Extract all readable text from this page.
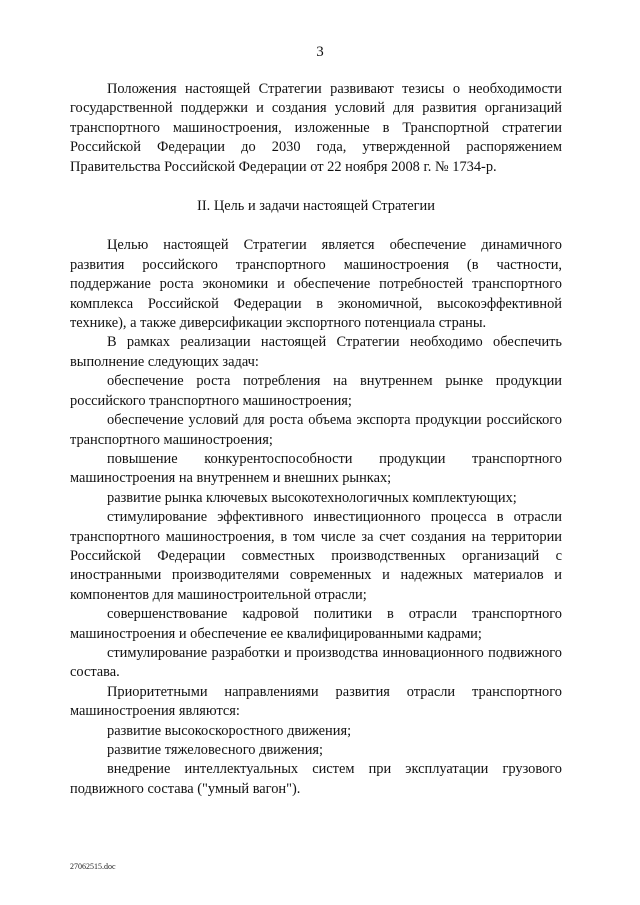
3

Положения настоящей Стратегии развивают тезисы о необходимости государственной поддержки и создания условий для развития организаций транспортного машиностроения, изложенные в Транспортной стратегии Российской Федерации до 2030 года, утвержденной распоряжением Правительства Российской Федерации от 22 ноября 2008 г. № 1734-р.

II. Цель и задачи настоящей Стратегии

Целью настоящей Стратегии является обеспечение динамичного развития российского транспортного машиностроения (в частности, поддержание роста экономики и обеспечение потребностей транспортного комплекса Российской Федерации в экономичной, высокоэффективной технике), а также диверсификации экспортного потенциала страны.

В рамках реализации настоящей Стратегии необходимо обеспечить выполнение следующих задач:

обеспечение роста потребления на внутреннем рынке продукции российского транспортного машиностроения;

обеспечение условий для роста объема экспорта продукции российского транспортного машиностроения;

повышение конкурентоспособности продукции транспортного машиностроения на внутреннем и внешних рынках;

развитие рынка ключевых высокотехнологичных комплектующих;

стимулирование эффективного инвестиционного процесса в отрасли транспортного машиностроения, в том числе за счет создания на территории Российской Федерации совместных производственных организаций с иностранными производителями современных и надежных материалов и компонентов для машиностроительной отрасли;

совершенствование кадровой политики в отрасли транспортного машиностроения и обеспечение ее квалифицированными кадрами;

стимулирование разработки и производства инновационного подвижного состава.

Приоритетными направлениями развития отрасли транспортного машиностроения являются:

развитие высокоскоростного движения;

развитие тяжеловесного движения;

внедрение интеллектуальных систем при эксплуатации грузового подвижного состава ("умный вагон").

27062515.doc
